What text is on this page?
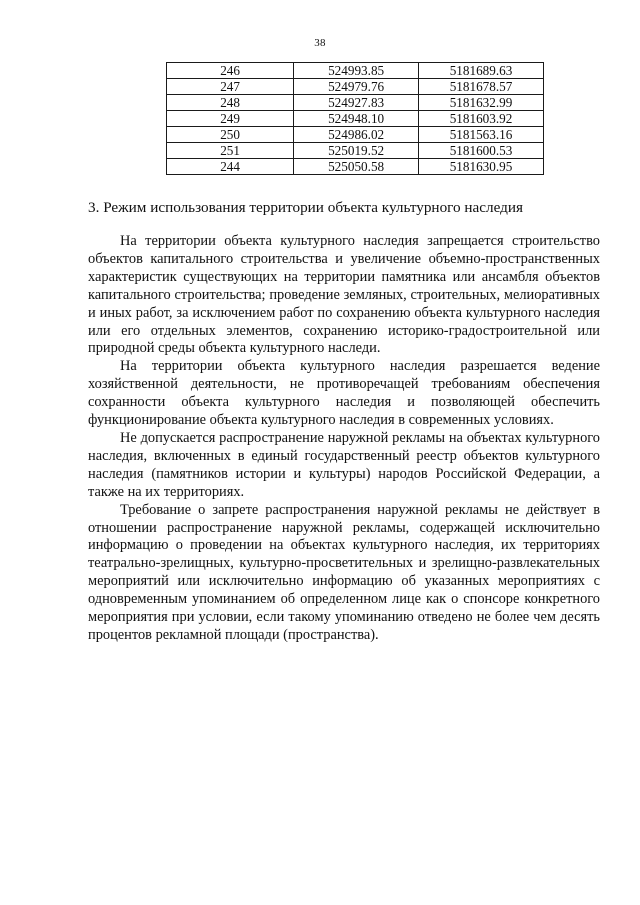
38
246	524993.85	5181689.63
247	524979.76	5181678.57
248	524927.83	5181632.99
249	524948.10	5181603.92
250	524986.02	5181563.16
251	525019.52	5181600.53
244	525050.58	5181630.95
3. Режим использования территории объекта культурного наследия

На территории объекта культурного наследия запрещается строительство объектов капитального строительства и увеличение объемно-пространственных характеристик существующих на территории памятника или ансамбля объектов капитального строительства; проведение земляных, строительных, мелиоративных и иных работ, за исключением работ по сохранению объекта культурного наследия или его отдельных элементов, сохранению историко-градостроительной или природной среды объекта культурного наследи.

На территории объекта культурного наследия разрешается ведение хозяйственной деятельности, не противоречащей требованиям обеспечения сохранности объекта культурного наследия и позволяющей обеспечить функционирование объекта культурного наследия в современных условиях.

Не допускается распространение наружной рекламы на объектах культурного наследия, включенных в единый государственный реестр объектов культурного наследия (памятников истории и культуры) народов Российской Федерации, а также на их территориях.

Требование о запрете распространения наружной рекламы не действует в отношении распространение наружной рекламы, содержащей исключительно информацию о проведении на объектах культурного наследия, их территориях театрально-зрелищных, культурно-просветительных и зрелищно-развлекательных мероприятий или исключительно информацию об указанных мероприятиях с одновременным упоминанием об определенном лице как о спонсоре конкретного мероприятия при условии, если такому упоминанию отведено не более чем десять процентов рекламной площади (пространства).
